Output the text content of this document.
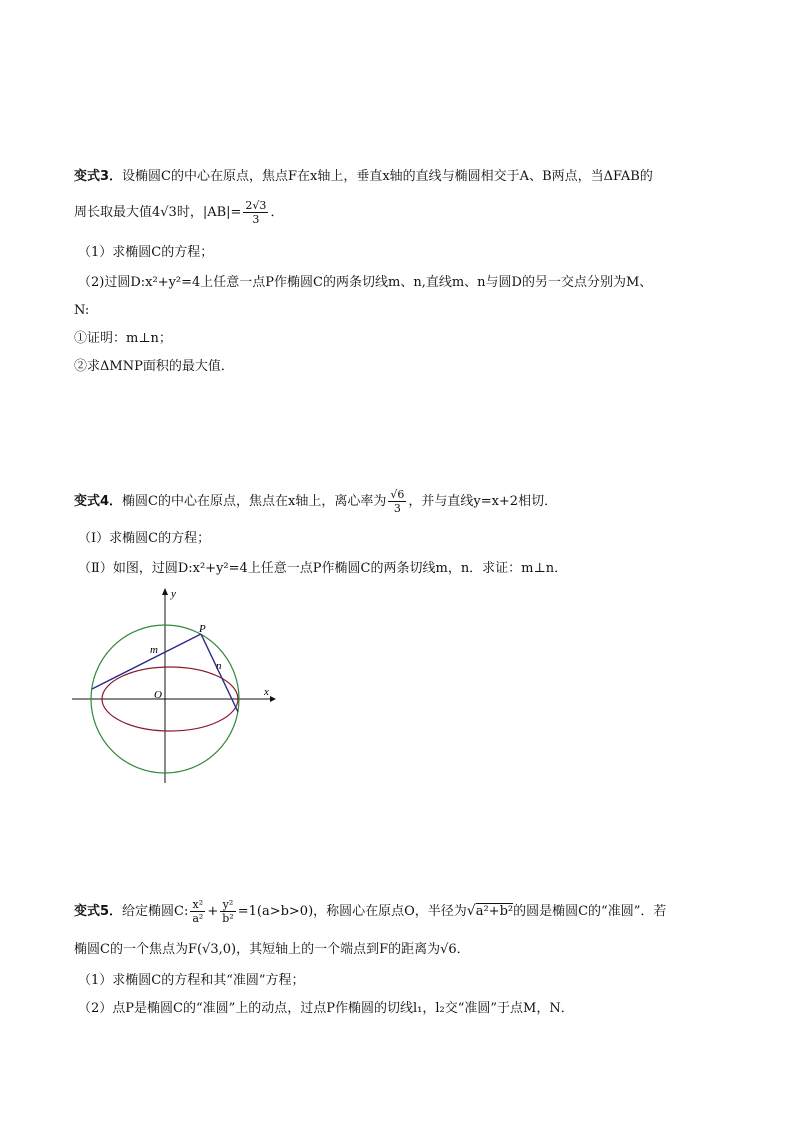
变式3．设椭圆C的中心在原点，焦点F在x轴上，垂直x轴的直线与椭圆相交于A、B两点，当ΔFAB的
周长取最大值4√3时，$|AB|= \frac{2√3}{3}$ ．
（1）求椭圆C的方程；
（2)过圆D:x²+y²=4上任意一点P作椭圆C的两条切线m、n,直线m、n与圆D的另一交点分别为M、
N:
①证明：m⊥n；
②求ΔMNP面积的最大值．
变式4．椭圆C的中心在原点，焦点在x轴上，离心率为 $\frac{√6}{3}$ ，并与直线y=x+2相切．
（Ⅰ）求椭圆C的方程；
（Ⅱ）如图，过圆D:x²+y²=4上任意一点P作椭圆C的两条切线m，n．求证：m⊥n．
y
x
O
P
m
n
变式5．给定椭圆C: $\frac{\text{x²}}{\text{a²}} + \frac{\text{y²}}{\text{b²}} =1(a>b>0)$，称圆心在原点O，半径为√a²+b²的圆是椭圆C的“准圆”．若
椭圆C的一个焦点为F(√3,0)，其短轴上的一个端点到F的距离为√6．
（1）求椭圆C的方程和其“准圆”方程；
（2）点P是椭圆C的“准圆”上的动点，过点P作椭圆的切线l₁，l₂交“准圆”于点M，N．
